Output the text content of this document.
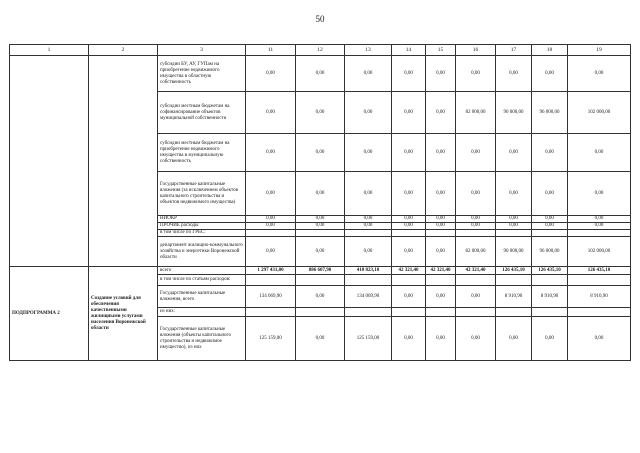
50
1	2	3	11	12	13	14	15	16	17	18	19
		субсидии БУ, АУ, ГУПам на приобретение недвижимого имущества в областную собственность	0,00	0,00	0,00	0,00	0,00	0,00	0,00	0,00	0,00
		субсидии местным бюджетам на софинансирование объектов муниципальной собственности	0,00	0,00	0,00	0,00	0,00	82 000,00	90 000,00	96 000,00	102 000,00
		субсидии местным бюджетам на приобретение недвижимого имущества в муниципальную собственность	0,00	0,00	0,00	0,00	0,00	0,00	0,00	0,00	0,00
		Государственные капитальные вложения (за исключением объектов капитального строительства и объектов недвижимого имущества)	0,00	0,00	0,00	0,00	0,00	0,00	0,00	0,00	0,00
		НИОКР	0,00	0,00	0,00	0,00	0,00	0,00	0,00	0,00	0,00
		ПРОЧИЕ расходы	0,00	0,00	0,00	0,00	0,00	0,00	0,00	0,00	0,00
		в том числе по ГРБС:									
		департамент жилищно-коммунального хозяйства и энергетики Воронежской области	0,00	0,00	0,00	0,00	0,00	82 000,00	90 000,00	96 000,00	102 000,00
ПОДПРОГРАММА 2	Создание условий для обеспечения качественными жилищными услугами населения Воронежской области	всего	1 297 431,00	886 607,90	410 823,10	42 321,40	42 321,40	42 321,40	126 435,10	126 435,10	126 435,10
		в том числе по статьям расходов:									
		Государственные капитальные вложения, всего	134 069,90	0,00	134 069,90	0,00	0,00	0,00	8 910,90	8 910,90	8 910,90
		из них:									
		Государственные капитальные вложения (объекты капитального строительства и недвижимое имущество), из них	125 159,00	0,00	125 159,00	0,00	0,00	0,00	0,00	0,00	0,00
